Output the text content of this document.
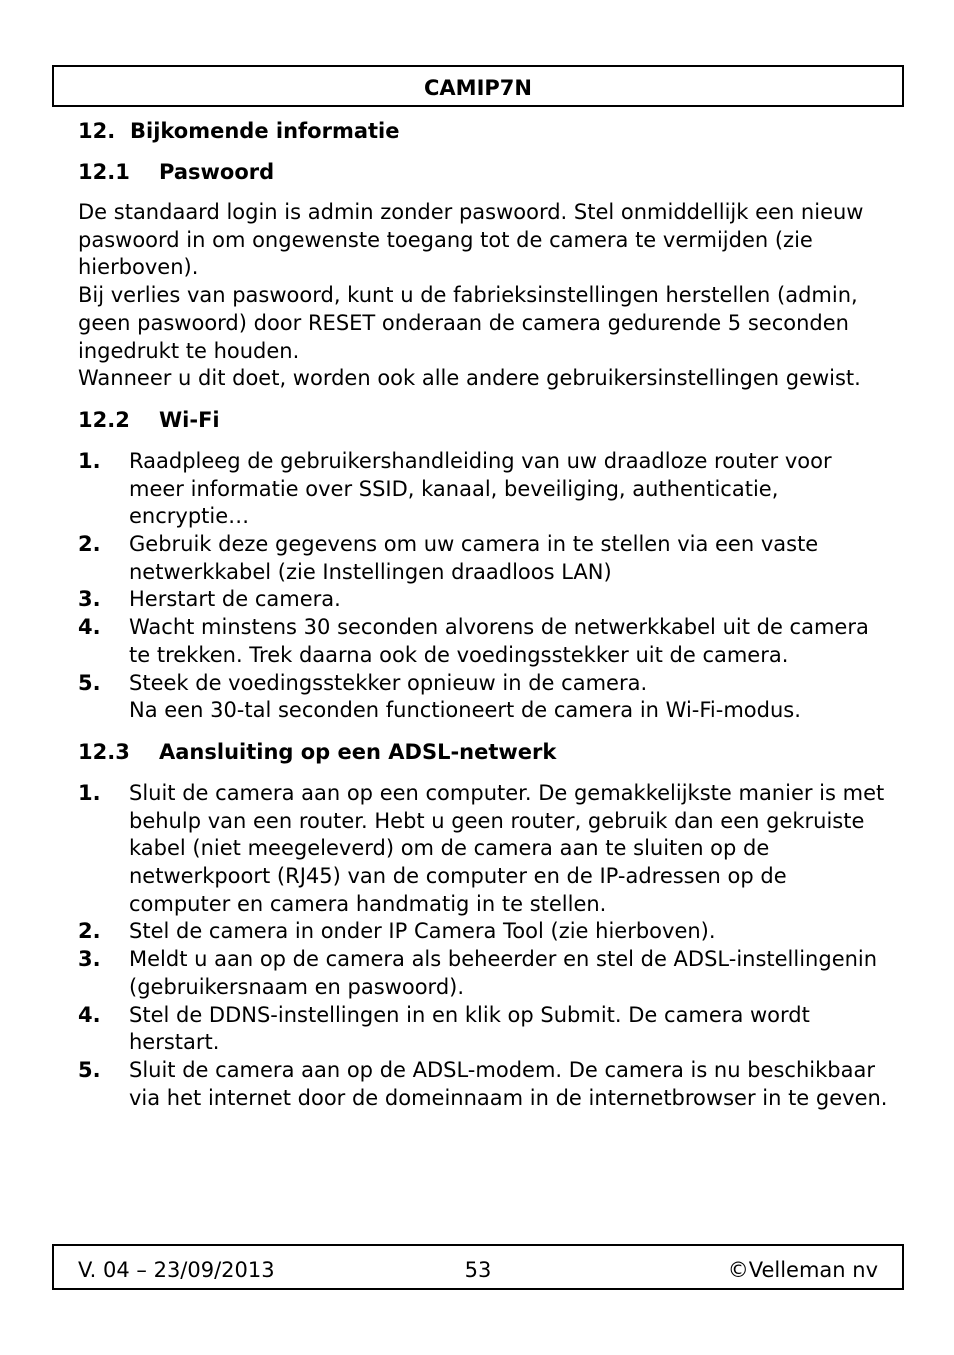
CAMIP7N
12. Bijkomende informatie
12.1	Paswoord

De standaard login is admin zonder paswoord. Stel onmiddellijk een nieuw paswoord in om ongewenste toegang tot de camera te vermijden (zie hierboven).

Bij verlies van paswoord, kunt u de fabrieksinstellingen herstellen (admin, geen paswoord) door RESET onderaan de camera gedurende 5 seconden ingedrukt te houden.

Wanneer u dit doet, worden ook alle andere gebruikersinstellingen gewist.

12.2	Wi-Fi
1.	Raadpleeg de gebruikershandleiding van uw draadloze router voor meer informatie over SSID, kanaal, beveiliging, authenticatie, encryptie…
2.	Gebruik deze gegevens om uw camera in te stellen via een vaste netwerkkabel (zie Instellingen draadloos LAN)
3.	Herstart de camera.
4.	Wacht minstens 30 seconden alvorens de netwerkkabel uit de camera te trekken. Trek daarna ook de voedingsstekker uit de camera.
5.	Steek de voedingsstekker opnieuw in de camera.
Na een 30-tal seconden functioneert de camera in Wi-Fi-modus.
12.3	Aansluiting op een ADSL-netwerk
1.	Sluit de camera aan op een computer. De gemakkelijkste manier is met behulp van een router. Hebt u geen router, gebruik dan een gekruiste kabel (niet meegeleverd) om de camera aan te sluiten op de netwerkpoort (RJ45) van de computer en de IP-adressen op de computer en camera handmatig in te stellen.
2.	Stel de camera in onder IP Camera Tool (zie hierboven).
3.	Meldt u aan op de camera als beheerder en stel de ADSL-instellingenin (gebruikersnaam en paswoord).
4.	Stel de DDNS-instellingen in en klik op Submit. De camera wordt herstart.
5.	Sluit de camera aan op de ADSL-modem. De camera is nu beschikbaar via het internet door de domeinnaam in de internetbrowser in te geven.
V. 04 – 23/09/2013	53	©Velleman nv
